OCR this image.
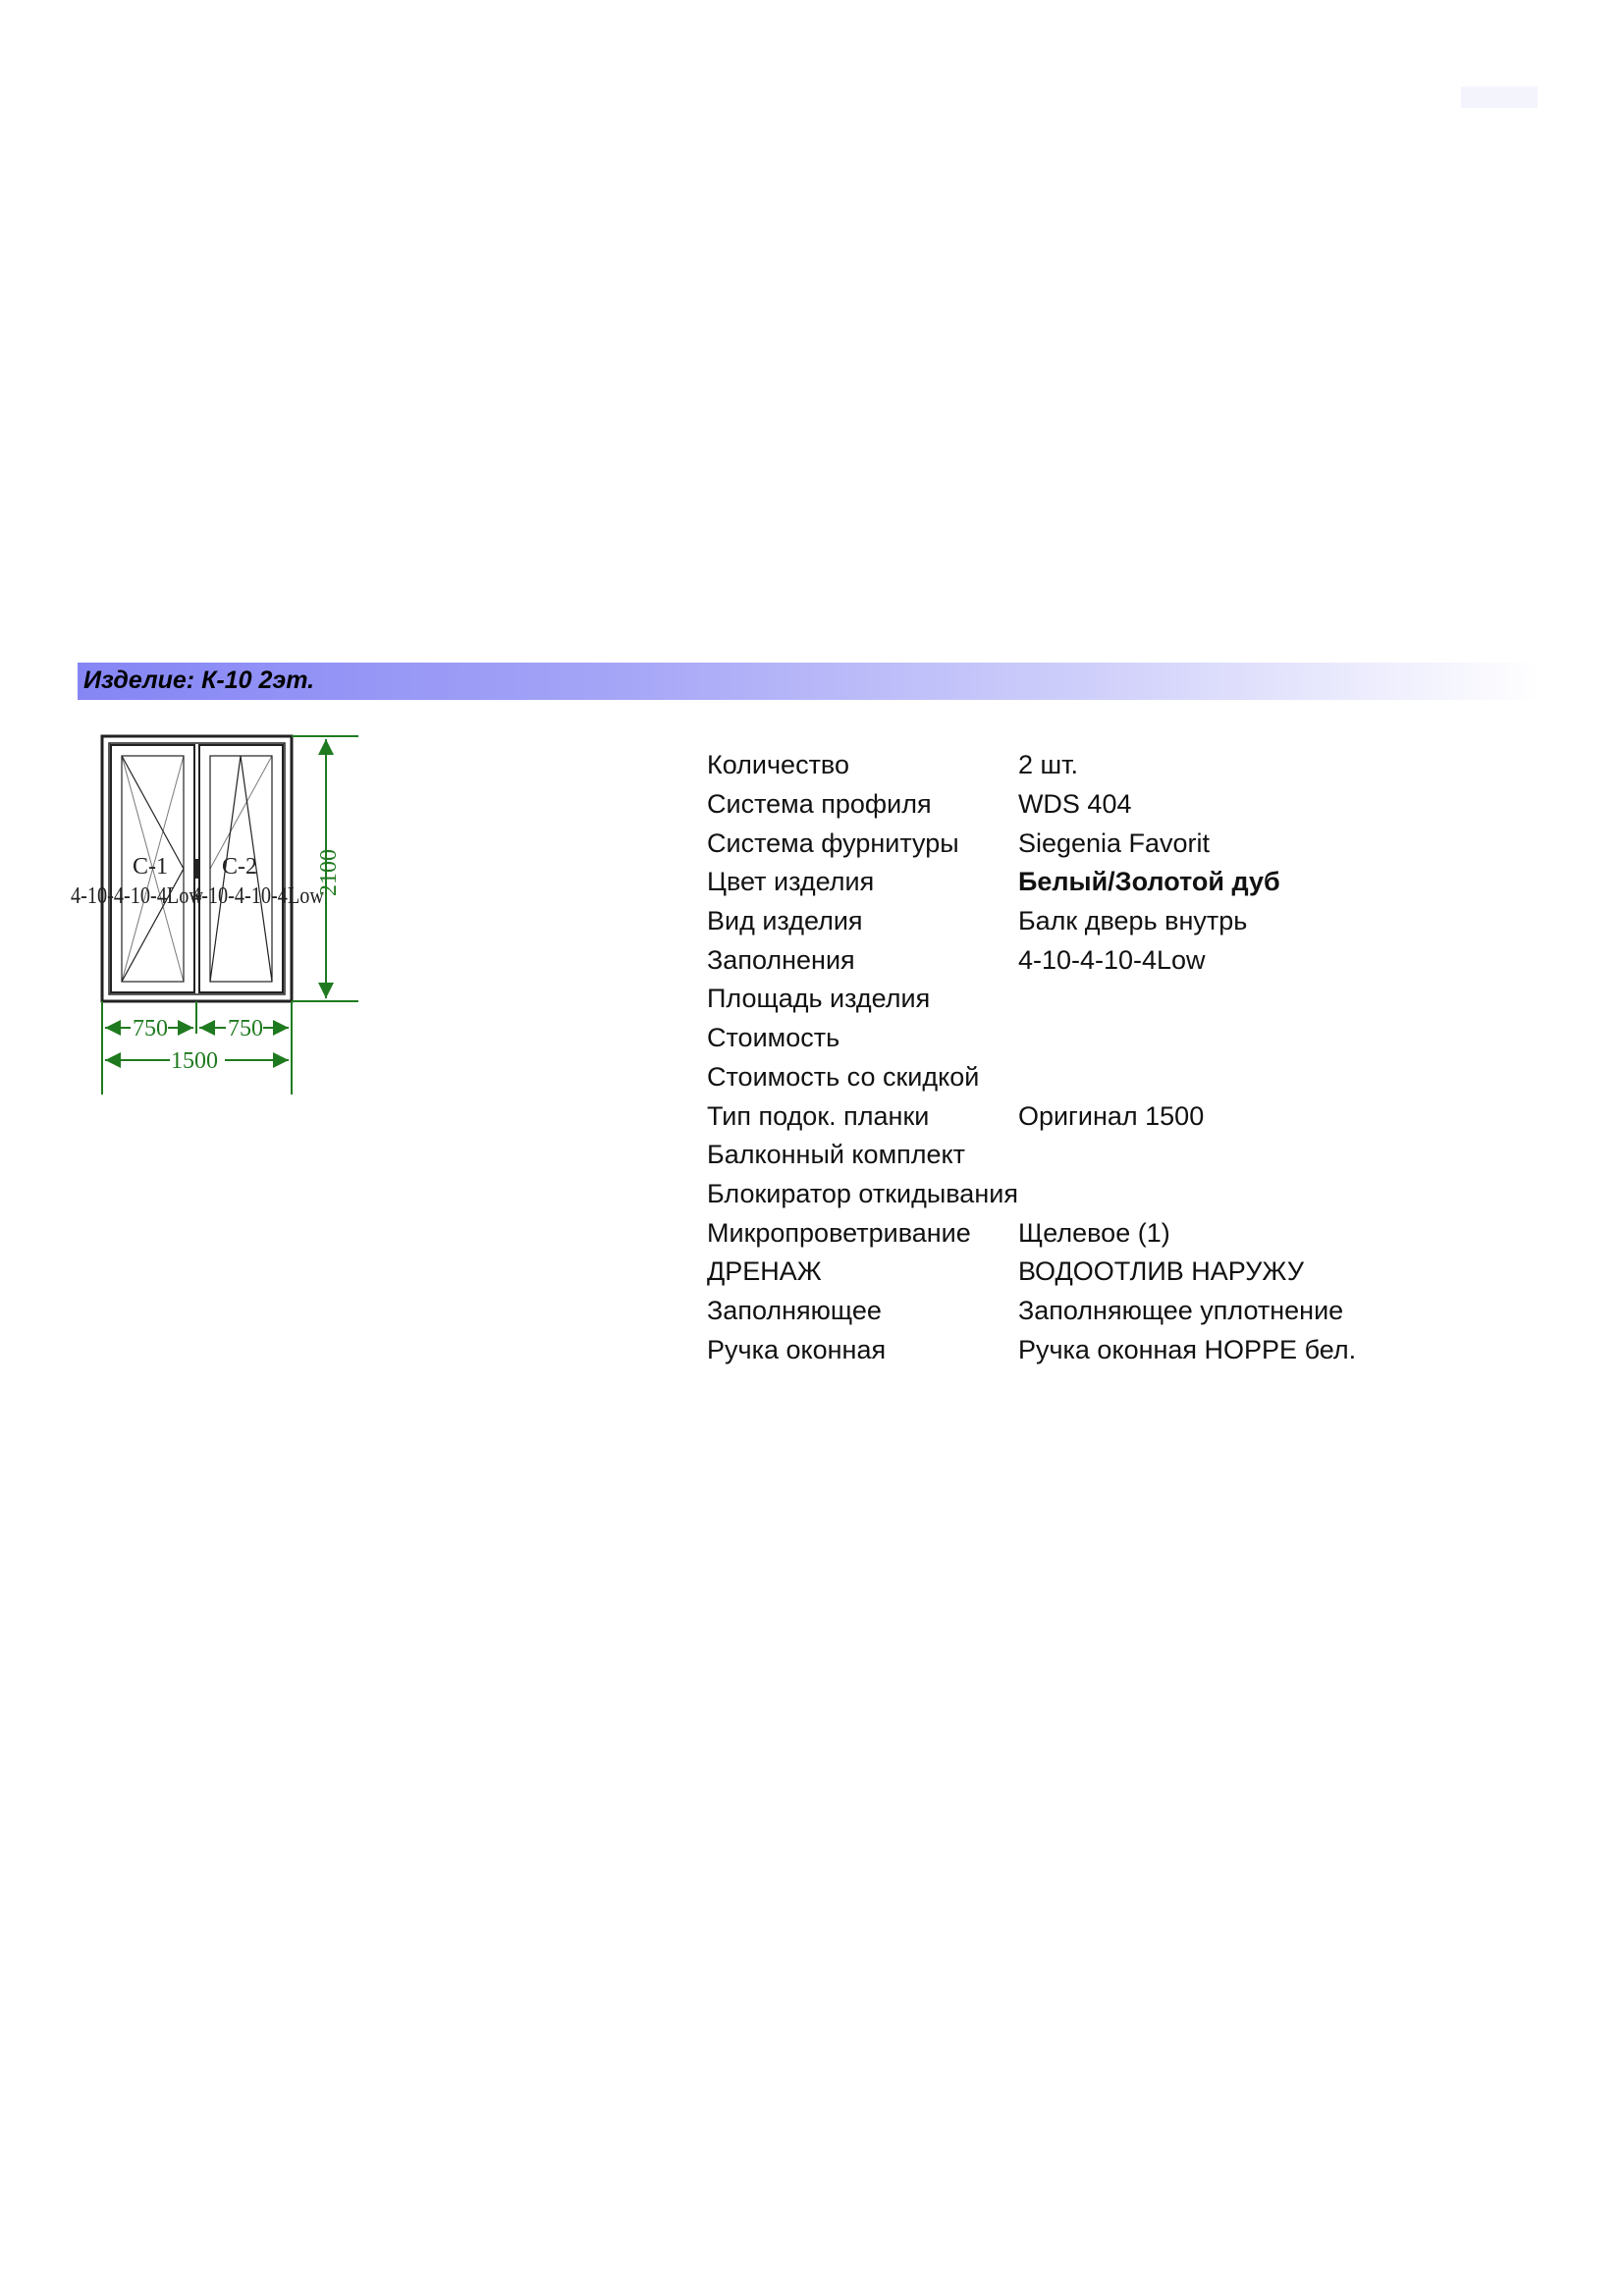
Изделие: К-10 2эт.
С-1 С-2
4-10-4-10-4Low
4-10-4-10-4Low
2100
750	750
1500
Количество	2 шт.
Система профиля	WDS 404
Система фурнитуры	Siegenia Favorit
Цвет изделия	Белый/Золотой дуб
Вид изделия	Балк дверь внутрь
Заполнения	4-10-4-10-4Low
Площадь изделия	
Стоимость	
Стоимость со скидкой	
Тип подок. планки	Оригинал 1500
Балконный комплект	
Блокиратор откидывания	
Микропроветривание	Щелевое (1)
ДРЕНАЖ	ВОДООТЛИВ НАРУЖУ
Заполняющее	Заполняющее уплотнение
Ручка оконная	Ручка оконная HOPPE бел.
